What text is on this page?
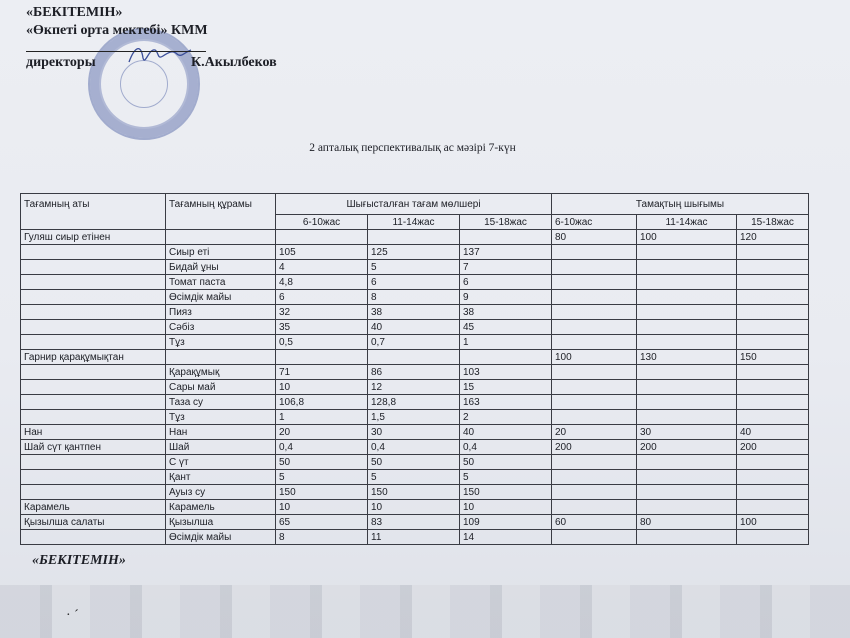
«БЕКІТЕМІН»
«Өкпеті орта мектебі» КММ
директоры	К.Акылбеков
2 апталық перспективалық ас мәзірі 7-күн
Тағамның аты	Тағамның құрамы	Шығысталған тағам мөлшері			Тамақтың шығымы		
		6-10жас	11-14жас	15-18жас	6-10жас	11-14жас	15-18жас
Гуляш сиыр етінен					80	100	120
	Сиыр еті	105	125	137			
	Бидай ұны	4	5	7			
	Томат паста	4,8	6	6			
	Өсімдік майы	6	8	9			
	Пияз	32	38	38			
	Сәбіз	35	40	45			
	Тұз	0,5	0,7	1			
Гарнир қарақұмықтан					100	130	150
	Қарақұмық	71	86	103			
	Сары май	10	12	15			
	Таза су	106,8	128,8	163			
	Тұз	1	1,5	2			
Нан	Нан	20	30	40	20	30	40
Шай сүт қантпен	Шай	0,4	0,4	0,4	200	200	200
	С үт	50	50	50			
	Қант	5	5	5			
	Ауыз су	150	150	150			
Карамель	Карамель	10	10	10			
Қызылша салаты	Қызылша	65	83	109	60	80	100
	Өсімдік майы	8	11	14			
«БЕКІТЕМІН»
· ˊ
